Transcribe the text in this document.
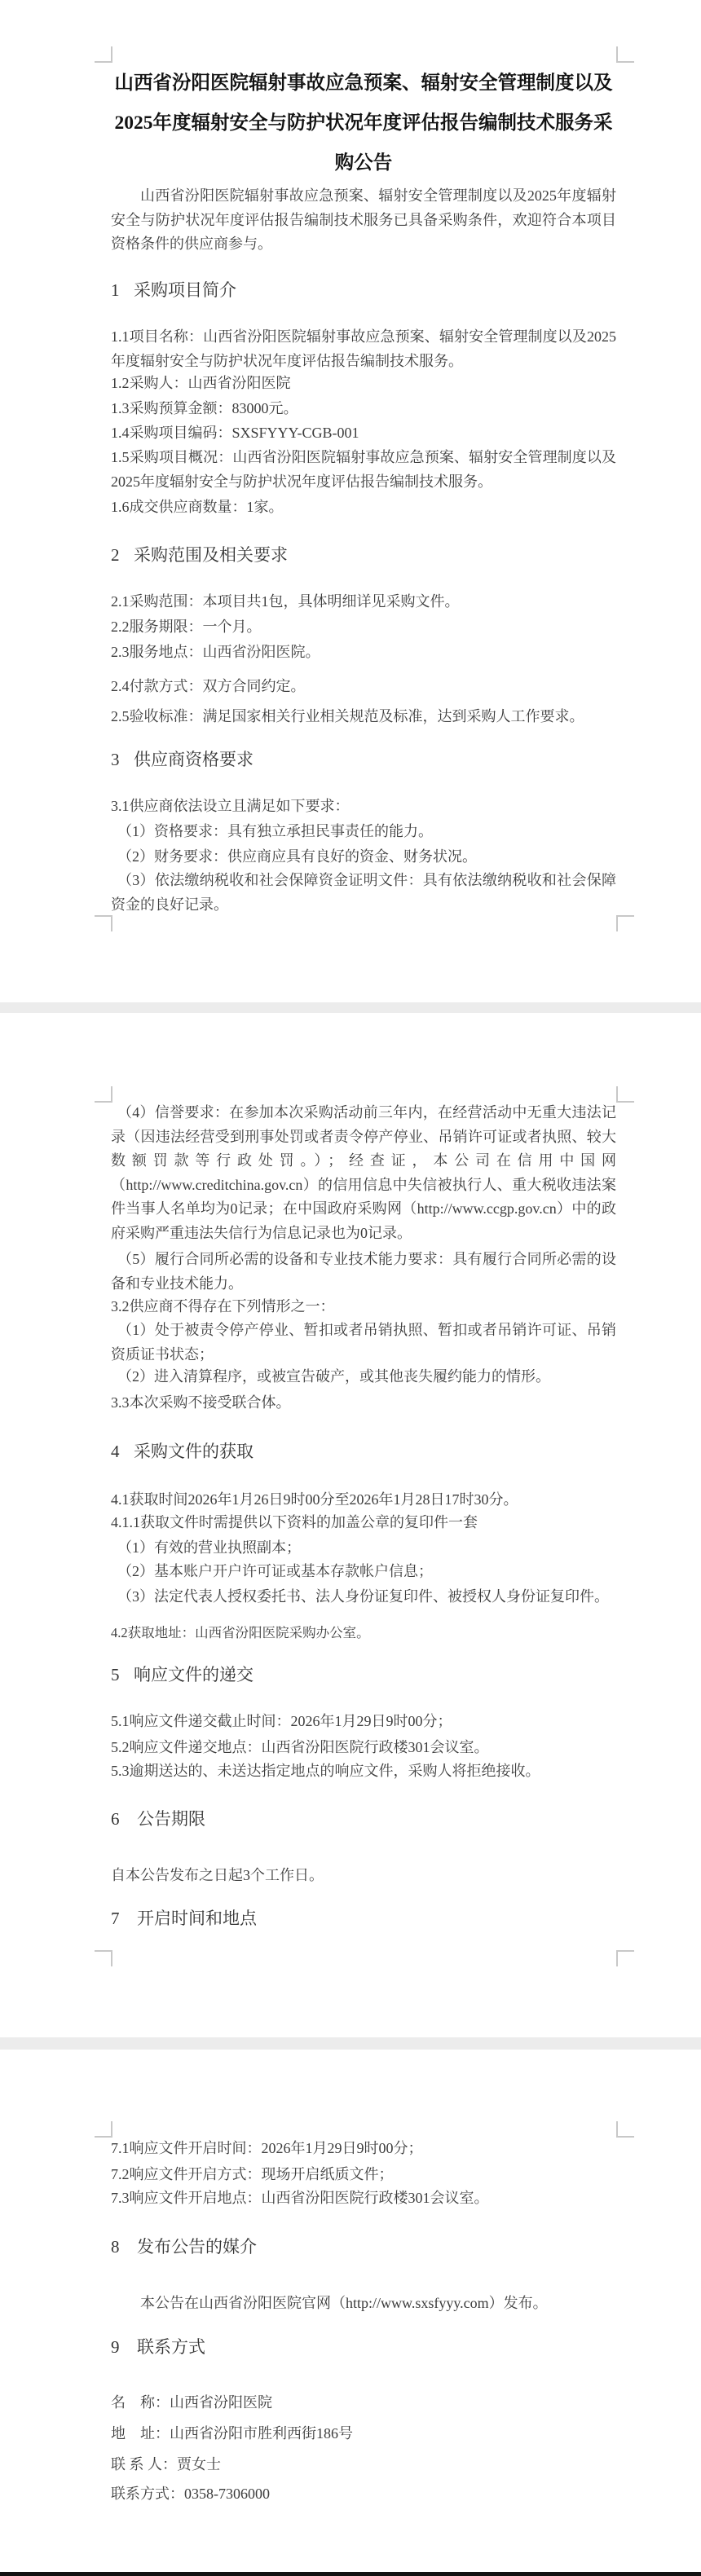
山西省汾阳医院辐射事故应急预案、辐射安全管理制度以及2025年度辐射安全与防护状况年度评估报告编制技术服务采购公告
山西省汾阳医院辐射事故应急预案、辐射安全管理制度以及2025年度辐射安全与防护状况年度评估报告编制技术服务已具备采购条件，欢迎符合本项目资格条件的供应商参与。
1 采购项目简介
1.1项目名称：山西省汾阳医院辐射事故应急预案、辐射安全管理制度以及2025年度辐射安全与防护状况年度评估报告编制技术服务。
1.2采购人：山西省汾阳医院
1.3采购预算金额：83000元。
1.4采购项目编码：SXSFYYY-CGB-001
1.5采购项目概况：山西省汾阳医院辐射事故应急预案、辐射安全管理制度以及2025年度辐射安全与防护状况年度评估报告编制技术服务。
1.6成交供应商数量：1家。
2 采购范围及相关要求
2.1采购范围：本项目共1包，具体明细详见采购文件。
2.2服务期限：一个月。
2.3服务地点：山西省汾阳医院。
2.4付款方式：双方合同约定。
2.5验收标准：满足国家相关行业相关规范及标准，达到采购人工作要求。
3 供应商资格要求
3.1供应商依法设立且满足如下要求：
（1）资格要求：具有独立承担民事责任的能力。
（2）财务要求：供应商应具有良好的资金、财务状况。
（3）依法缴纳税收和社会保障资金证明文件：具有依法缴纳税收和社会保障资金的良好记录。
（4）信誉要求：在参加本次采购活动前三年内，在经营活动中无重大违法记录（因违法经营受到刑事处罚或者责令停产停业、吊销许可证或者执照、较大数额罚款等行政处罚。）；经查证，本公司在信用中国网（http://www.creditchina.gov.cn）的信用信息中失信被执行人、重大税收违法案件当事人名单均为0记录；在中国政府采购网（http://www.ccgp.gov.cn）中的政府采购严重违法失信行为信息记录也为0记录。
（5）履行合同所必需的设备和专业技术能力要求：具有履行合同所必需的设备和专业技术能力。
3.2供应商不得存在下列情形之一：
（1）处于被责令停产停业、暂扣或者吊销执照、暂扣或者吊销许可证、吊销资质证书状态；
（2）进入清算程序，或被宣告破产，或其他丧失履约能力的情形。
3.3本次采购不接受联合体。
4 采购文件的获取
4.1获取时间2026年1月26日9时00分至2026年1月28日17时30分。
4.1.1获取文件时需提供以下资料的加盖公章的复印件一套
（1）有效的营业执照副本；
（2）基本账户开户许可证或基本存款帐户信息；
（3）法定代表人授权委托书、法人身份证复印件、被授权人身份证复印件。
4.2获取地址：山西省汾阳医院采购办公室。
5 响应文件的递交
5.1响应文件递交截止时间：2026年1月29日9时00分；
5.2响应文件递交地点：山西省汾阳医院行政楼301会议室。
5.3逾期送达的、未送达指定地点的响应文件，采购人将拒绝接收。
6 公告期限
自本公告发布之日起3个工作日。
7 开启时间和地点
7.1响应文件开启时间：2026年1月29日9时00分；
7.2响应文件开启方式：现场开启纸质文件；
7.3响应文件开启地点：山西省汾阳医院行政楼301会议室。
8 发布公告的媒介
本公告在山西省汾阳医院官网（http://www.sxsfyyy.com）发布。
9 联系方式
名　称：山西省汾阳医院
地　址：山西省汾阳市胜利西街186号
联 系 人：贾女士
联系方式：0358-7306000
